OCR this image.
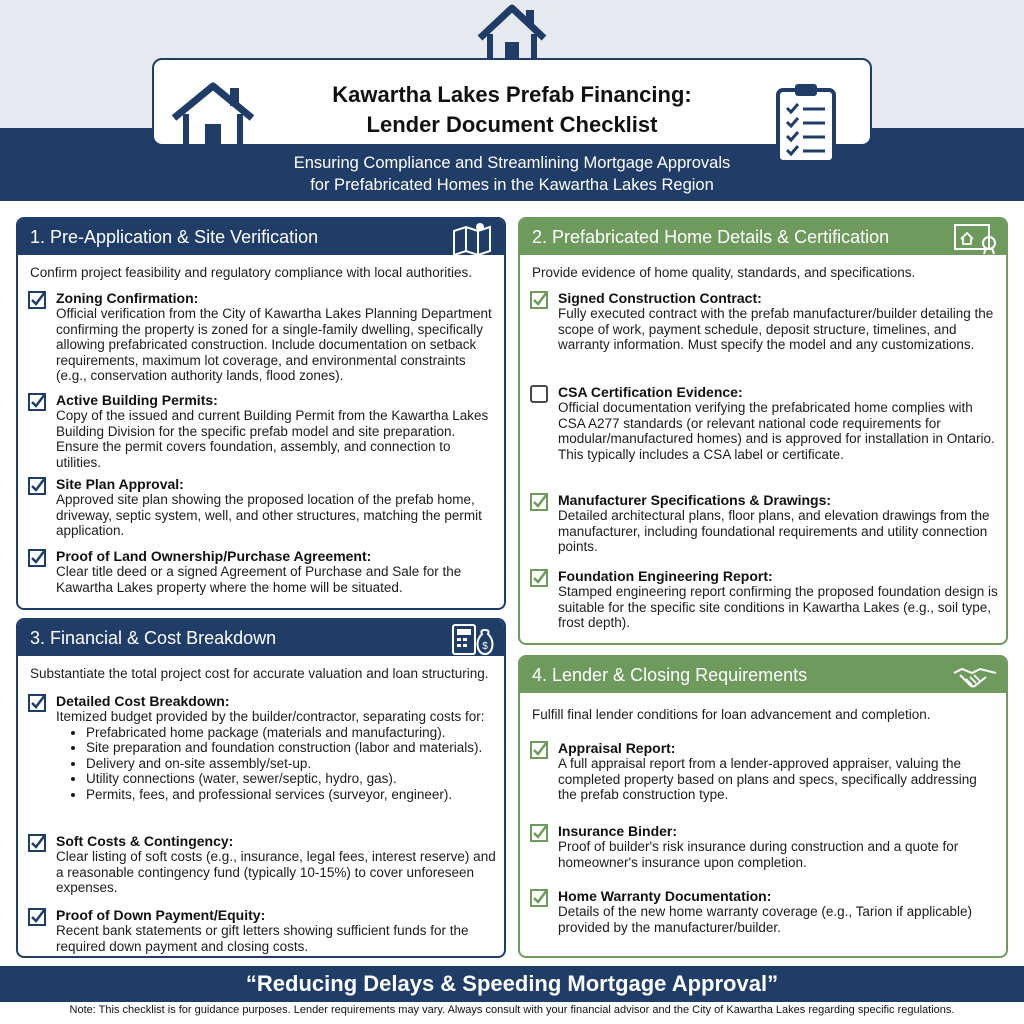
Kawartha Lakes Prefab Financing:
Lender Document Checklist
Ensuring Compliance and Streamlining Mortgage Approvals
for Prefabricated Homes in the Kawartha Lakes Region
1. Pre-Application & Site Verification
Confirm project feasibility and regulatory compliance with local authorities.
Zoning Confirmation:
Official verification from the City of Kawartha Lakes Planning Department confirming the property is zoned for a single-family dwelling, specifically allowing prefabricated construction. Include documentation on setback requirements, maximum lot coverage, and environmental constraints (e.g., conservation authority lands, flood zones).
Active Building Permits:
Copy of the issued and current Building Permit from the Kawartha Lakes Building Division for the specific prefab model and site preparation. Ensure the permit covers foundation, assembly, and connection to utilities.
Site Plan Approval:
Approved site plan showing the proposed location of the prefab home, driveway, septic system, well, and other structures, matching the permit application.
Proof of Land Ownership/Purchase Agreement:
Clear title deed or a signed Agreement of Purchase and Sale for the Kawartha Lakes property where the home will be situated.
2. Prefabricated Home Details & Certification
Provide evidence of home quality, standards, and specifications.
Signed Construction Contract:
Fully executed contract with the prefab manufacturer/builder detailing the scope of work, payment schedule, deposit structure, timelines, and warranty information. Must specify the model and any customizations.
CSA Certification Evidence:
Official documentation verifying the prefabricated home complies with CSA A277 standards (or relevant national code requirements for modular/manufactured homes) and is approved for installation in Ontario. This typically includes a CSA label or certificate.
Manufacturer Specifications & Drawings:
Detailed architectural plans, floor plans, and elevation drawings from the manufacturer, including foundational requirements and utility connection points.
Foundation Engineering Report:
Stamped engineering report confirming the proposed foundation design is suitable for the specific site conditions in Kawartha Lakes (e.g., soil type, frost depth).
3. Financial & Cost Breakdown	$
Substantiate the total project cost for accurate valuation and loan structuring.
Detailed Cost Breakdown:
Itemized budget provided by the builder/contractor, separating costs for:
• Prefabricated home package (materials and manufacturing).
• Site preparation and foundation construction (labor and materials).
• Delivery and on-site assembly/set-up.
• Utility connections (water, sewer/septic, hydro, gas).
• Permits, fees, and professional services (surveyor, engineer).
Soft Costs & Contingency:
Clear listing of soft costs (e.g., insurance, legal fees, interest reserve) and a reasonable contingency fund (typically 10-15%) to cover unforeseen expenses.
Proof of Down Payment/Equity:
Recent bank statements or gift letters showing sufficient funds for the required down payment and closing costs.
4. Lender & Closing Requirements
Fulfill final lender conditions for loan advancement and completion.
Appraisal Report:
A full appraisal report from a lender-approved appraiser, valuing the completed property based on plans and specs, specifically addressing the prefab construction type.
Insurance Binder:
Proof of builder's risk insurance during construction and a quote for homeowner's insurance upon completion.
Home Warranty Documentation:
Details of the new home warranty coverage (e.g., Tarion if applicable) provided by the manufacturer/builder.
“Reducing Delays & Speeding Mortgage Approval”
Note: This checklist is for guidance purposes. Lender requirements may vary. Always consult with your financial advisor and the City of Kawartha Lakes regarding specific regulations.
